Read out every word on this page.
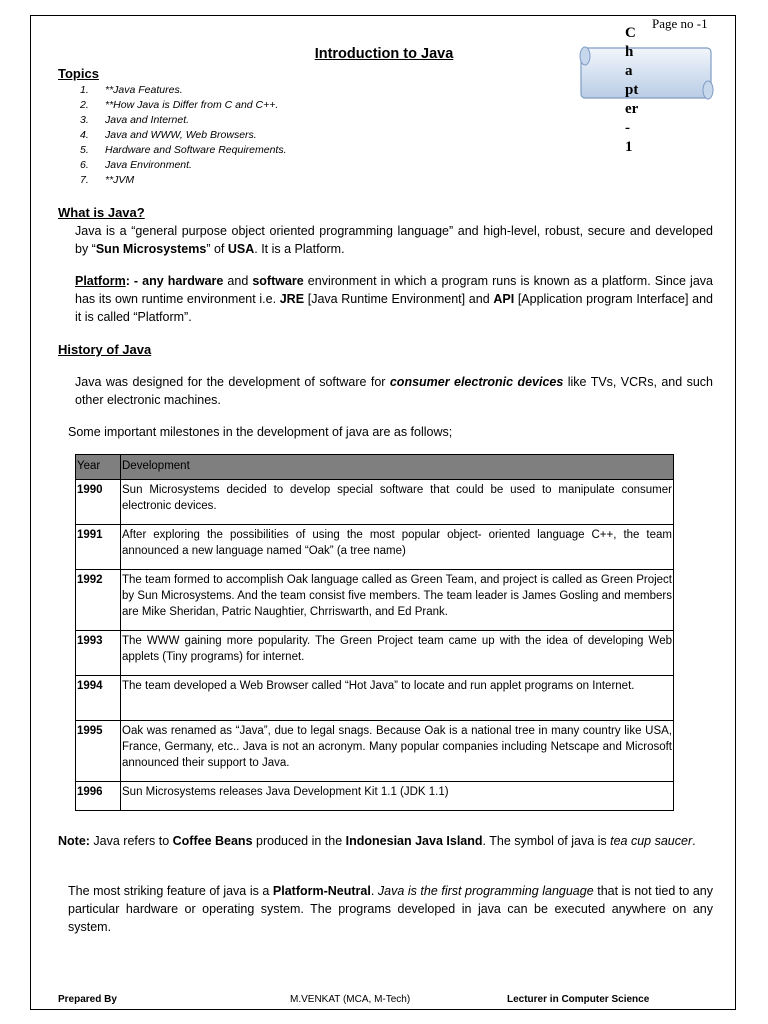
Page no -1
C
h
a
pt
er
-
1
Introduction to Java
Topics
1.	**Java Features.
2.	**How Java is Differ from C and C++.
3.	Java and Internet.
4.	Java and WWW, Web Browsers.
5.	Hardware and Software Requirements.
6.	Java Environment.
7.	**JVM
What is Java?
Java is a “general purpose object oriented programming language” and high-level, robust, secure and developed by “Sun Microsystems” of USA. It is a Platform.
Platform: - any hardware and software environment in which a program runs is known as a platform. Since java has its own runtime environment i.e. JRE [Java Runtime Environment] and API [Application program Interface] and it is called “Platform”.
History of Java
Java was designed for the development of software for consumer electronic devices like TVs, VCRs, and such other electronic machines.
Some important milestones in the development of java are as follows;
Year	Development
1990	Sun Microsystems decided to develop special software that could be used to manipulate consumer electronic devices.
1991	After exploring the possibilities of using the most popular object- oriented language C++, the team announced a new language named “Oak” (a tree name)
1992	The team formed to accomplish Oak language called as Green Team, and project is called as Green Project by Sun Microsystems. And the team consist five members. The team leader is James Gosling and members are Mike Sheridan, Patric Naughtier, Chrriswarth, and Ed Prank.
1993	The WWW gaining more popularity. The Green Project team came up with the idea of developing Web applets (Tiny programs) for internet.
1994	The team developed a Web Browser called “Hot Java” to locate and run applet programs on Internet.
1995	Oak was renamed as “Java”, due to legal snags. Because Oak is a national tree in many country like USA, France, Germany, etc.. Java is not an acronym. Many popular companies including Netscape and Microsoft announced their support to Java.
1996	Sun Microsystems releases Java Development Kit 1.1 (JDK 1.1)
Note: Java refers to Coffee Beans produced in the Indonesian Java Island. The symbol of java is tea cup saucer.
The most striking feature of java is a Platform-Neutral. Java is the first programming language that is not tied to any particular hardware or operating system. The programs developed in java can be executed anywhere on any system.
Prepared By	M.VENKAT (MCA, M-Tech)	Lecturer in Computer Science
